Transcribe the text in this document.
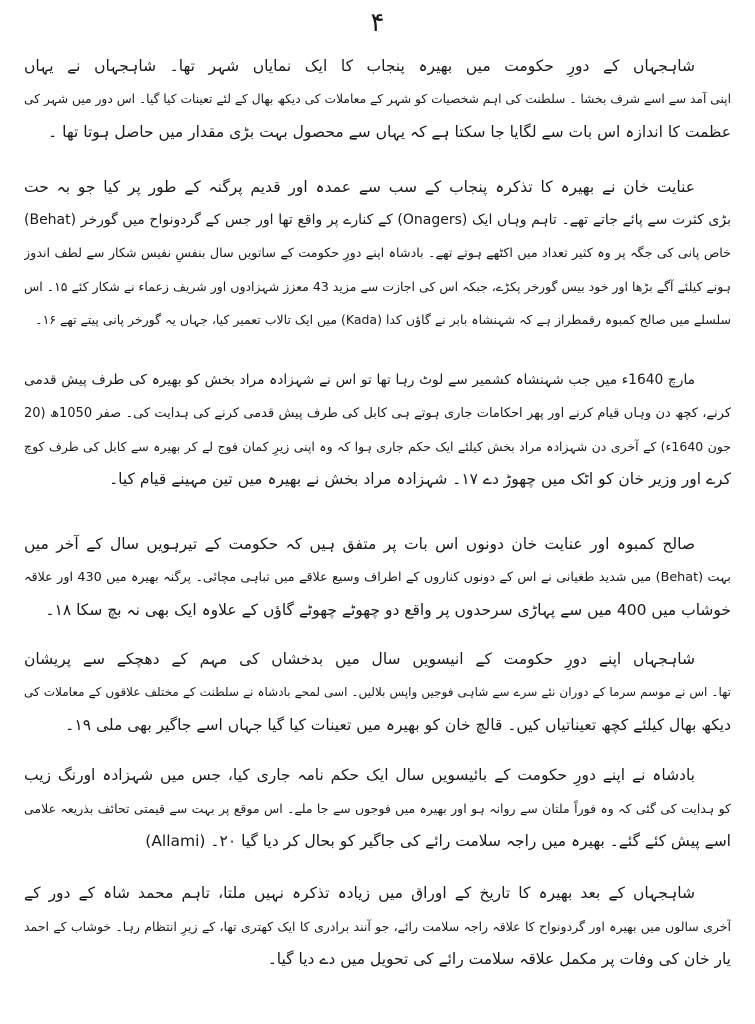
۴
شاہجہاں کے دورِ حکومت میں بھیرہ پنجاب کا ایک نمایاں شہر تھا۔ شاہجہاں نے یہاں
اپنی آمد سے اسے شرف بخشا ۔ سلطنت کی اہم شخصیات کو شہر کے معاملات کی دیکھ بھال کے لئے تعینات کیا گیا۔ اس دور میں شہر کی
عظمت کا اندازہ اس بات سے لگایا جا سکتا ہے کہ یہاں سے محصول بہت بڑی مقدار میں حاصل ہوتا تھا ۔
عنایت خان نے بھیرہ کا تذکرہ پنجاب کے سب سے عمدہ اور قدیم پرگنہ کے طور پر کیا جو بہ حت
(Behat) کے کنارے پر واقع تھا اور جس کے گردونواح میں گورخر (Onagers) بڑی کثرت سے پائے جاتے تھے۔ تاہم وہاں ایک
خاص پانی کی جگہ پر وہ کثیر تعداد میں اکٹھے ہوتے تھے۔ بادشاہ اپنے دورِ حکومت کے ساتویں سال بنفسِ نفیس شکار سے لطف اندوز
ہونے کیلئے آگے بڑھا اور خود بیس گورخر پکڑے، جبکہ اس کی اجازت سے مزید 43 معزز شہزادوں اور شریف زعماء نے شکار کئے ۱۵۔ اس
سلسلے میں صالح کمبوہ رقمطراز ہے کہ شہنشاہ بابر نے گاؤں کدا (Kada) میں ایک تالاب تعمیر کیا، جہاں یہ گورخر پانی پیتے تھے ۱۶۔
مارچ 1640ء میں جب شہنشاہ کشمیر سے لوٹ رہا تھا تو اس نے شہزادہ مراد بخش کو بھیرہ کی طرف پیش قدمی
کرنے، کچھ دن وہاں قیام کرنے اور پھر احکامات جاری ہوتے ہی کابل کی طرف پیش قدمی کرنے کی ہدایت کی۔ صفر 1050ھ (20
جون 1640ء) کے آخری دن شہزادہ مراد بخش کیلئے ایک حکم جاری ہوا کہ وہ اپنی زیرِ کمان فوج لے کر بھیرہ سے کابل کی طرف کوچ
کرے اور وزیر خان کو اٹک میں چھوڑ دے ۱۷۔ شہزادہ مراد بخش نے بھیرہ میں تین مہینے قیام کیا۔
صالح کمبوہ اور عنایت خان دونوں اس بات پر متفق ہیں کہ حکومت کے تیرہویں سال کے آخر میں
بہت (Behat) میں شدید طغیانی نے اس کے دونوں کناروں کے اطراف وسیع علاقے میں تباہی مچائی۔ پرگنہ بھیرہ میں 430 اور علاقہ
خوشاب میں 400 میں سے پہاڑی سرحدوں پر واقع دو چھوٹے چھوٹے گاؤں کے علاوہ ایک بھی نہ بچ سکا ۱۸۔
شاہجہاں اپنے دورِ حکومت کے انیسویں سال میں بدخشاں کی مہم کے دھچکے سے پریشان
تھا۔ اس نے موسم سرما کے دوران نئے سرے سے شاہی فوجیں واپس بلالیں۔ اسی لمحے بادشاہ نے سلطنت کے مختلف علاقوں کے معاملات کی
دیکھ بھال کیلئے کچھ تعیناتیاں کیں۔ قالچ خان کو بھیرہ میں تعینات کیا گیا جہاں اسے جاگیر بھی ملی ۱۹۔
بادشاہ نے اپنے دورِ حکومت کے بائیسویں سال ایک حکم نامہ جاری کیا، جس میں شہزادہ اورنگ زیب
کو ہدایت کی گئی کہ وہ فوراً ملتان سے روانہ ہو اور بھیرہ میں فوجوں سے جا ملے۔ اس موقع پر بہت سے قیمتی تحائف بذریعہ علامی
(Allami) اسے پیش کئے گئے۔ بھیرہ میں راجہ سلامت رائے کی جاگیر کو بحال کر دیا گیا ۲۰۔
شاہجہاں کے بعد بھیرہ کا تاریخ کے اوراق میں زیادہ تذکرہ نہیں ملتا، تاہم محمد شاہ کے دور کے
آخری سالوں میں بھیرہ اور گردونواح کا علاقہ راجہ سلامت رائے، جو آنند برادری کا ایک کھتری تھا، کے زیرِ انتظام رہا۔ خوشاب کے احمد
یار خان کی وفات پر مکمل علاقہ سلامت رائے کی تحویل میں دے دیا گیا۔
